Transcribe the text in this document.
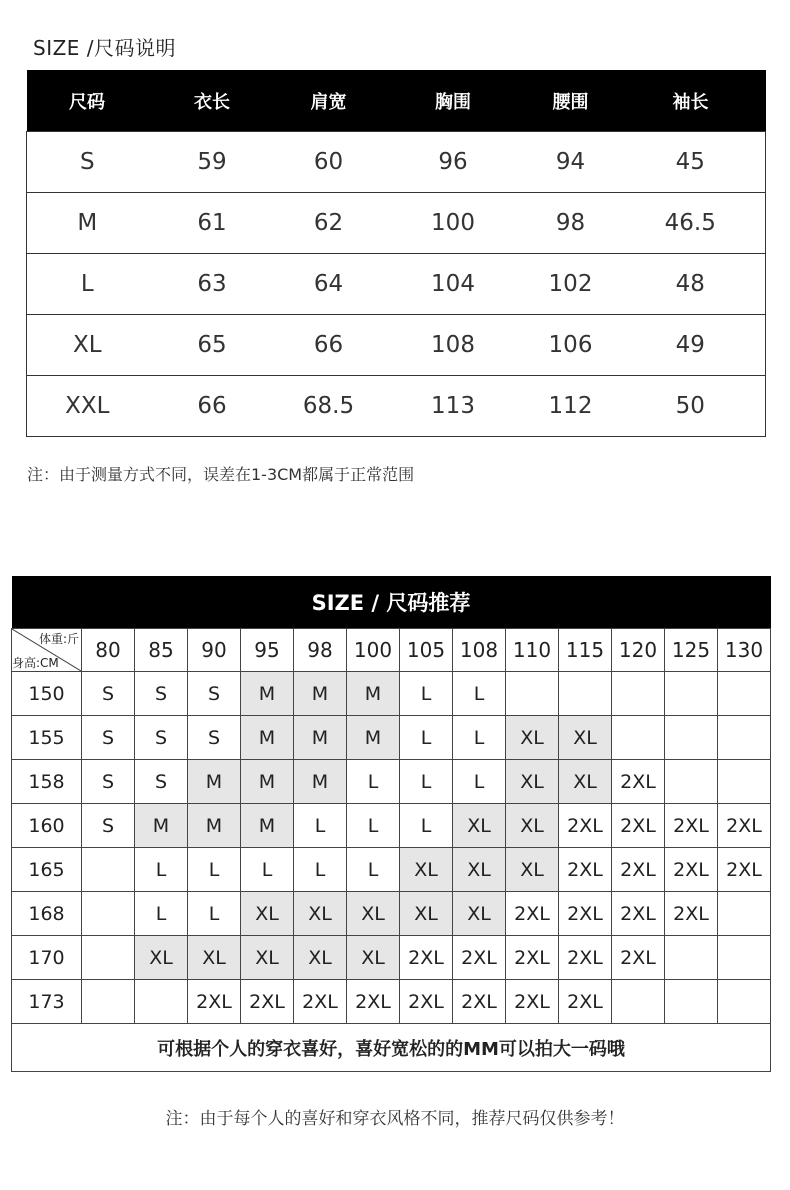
SIZE /尺码说明
尺码	衣长	肩宽	胸围	腰围	袖长
S	59	60	96	94	45
M	61	62	100	98	46.5
L	63	64	104	102	48
XL	65	66	108	106	49
XXL	66	68.5	113	112	50
注：由于测量方式不同，误差在1-3CM都属于正常范围
SIZE / 尺码推荐													

体重:斤
身高:CM	80	85	90	95	98	100	105	108	110	115	120	125	130
150	S	S	S	M	M	M	L	L					
155	S	S	S	M	M	M	L	L	XL	XL			
158	S	S	M	M	M	L	L	L	XL	XL	2XL		
160	S	M	M	M	L	L	L	XL	XL	2XL	2XL	2XL	2XL
165		L	L	L	L	L	XL	XL	XL	2XL	2XL	2XL	2XL
168		L	L	XL	XL	XL	XL	XL	2XL	2XL	2XL	2XL	
170		XL	XL	XL	XL	XL	2XL	2XL	2XL	2XL	2XL		
173			2XL	2XL	2XL	2XL	2XL	2XL	2XL	2XL			
可根据个人的穿衣喜好，喜好宽松的的MM可以拍大一码哦													
注：由于每个人的喜好和穿衣风格不同，推荐尺码仅供参考！
